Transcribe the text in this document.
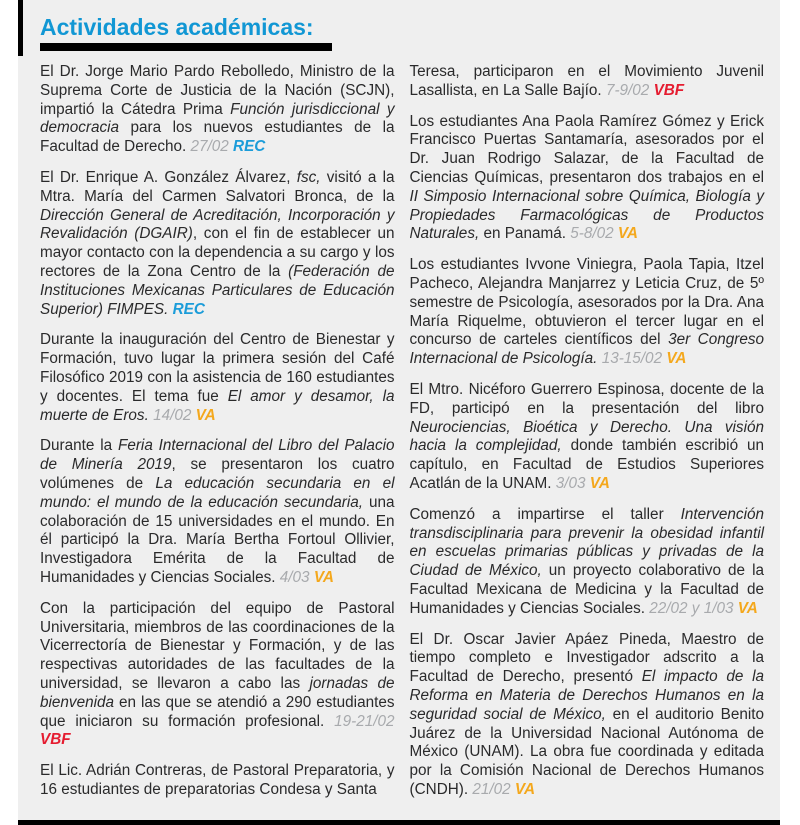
Actividades académicas:

El Dr. Jorge Mario Pardo Rebolledo, Ministro de la Suprema Corte de Justicia de la Nación (SCJN), impartió la Cátedra Prima Función jurisdiccional y democracia para los nuevos estudiantes de la Facultad de Derecho. 27/02 REC

El Dr. Enrique A. González Álvarez, fsc, visitó a la Mtra. María del Carmen Salvatori Bronca, de la Dirección General de Acreditación, Incorporación y Revalidación (DGAIR), con el fin de establecer un mayor contacto con la dependencia a su cargo y los rectores de la Zona Centro de la (Federación de Instituciones Mexicanas Particulares de Educación Superior) FIMPES. REC

Durante la inauguración del Centro de Bienestar y Formación, tuvo lugar la primera sesión del Café Filosófico 2019 con la asistencia de 160 estudiantes y docentes. El tema fue El amor y desamor, la muerte de Eros. 14/02 VA

Durante la Feria Internacional del Libro del Palacio de Minería 2019, se presentaron los cuatro volúmenes de La educación secundaria en el mundo: el mundo de la educación secundaria, una colaboración de 15 universidades en el mundo. En él participó la Dra. María Bertha Fortoul Ollivier, Investigadora Emérita de la Facultad de Humanidades y Ciencias Sociales. 4/03 VA

Con la participación del equipo de Pastoral Universitaria, miembros de las coordinaciones de la Vicerrectoría de Bienestar y Formación, y de las respectivas autoridades de las facultades de la universidad, se llevaron a cabo las jornadas de bienvenida en las que se atendió a 290 estudiantes que iniciaron su formación profesional. 19-21/02 VBF

El Lic. Adrián Contreras, de Pastoral Preparatoria, y 16 estudiantes de preparatorias Condesa y Santa

Teresa, participaron en el Movimiento Juvenil Lasallista, en La Salle Bajío. 7-9/02 VBF

Los estudiantes Ana Paola Ramírez Gómez y Erick Francisco Puertas Santamaría, asesorados por el Dr. Juan Rodrigo Salazar, de la Facultad de Ciencias Químicas, presentaron dos trabajos en el II Simposio Internacional sobre Química, Biología y Propiedades Farmacológicas de Productos Naturales, en Panamá. 5-8/02 VA

Los estudiantes Ivvone Viniegra, Paola Tapia, Itzel Pacheco, Alejandra Manjarrez y Leticia Cruz, de 5º semestre de Psicología, asesorados por la Dra. Ana María Riquelme, obtuvieron el tercer lugar en el concurso de carteles científicos del 3er Congreso Internacional de Psicología. 13-15/02 VA

El Mtro. Nicéforo Guerrero Espinosa, docente de la FD, participó en la presentación del libro Neurociencias, Bioética y Derecho. Una visión hacia la complejidad, donde también escribió un capítulo, en Facultad de Estudios Superiores Acatlán de la UNAM. 3/03 VA

Comenzó a impartirse el taller Intervención transdisciplinaria para prevenir la obesidad infantil en escuelas primarias públicas y privadas de la Ciudad de México, un proyecto colaborativo de la Facultad Mexicana de Medicina y la Facultad de Humanidades y Ciencias Sociales. 22/02 y 1/03 VA

El Dr. Oscar Javier Apáez Pineda, Maestro de tiempo completo e Investigador adscrito a la Facultad de Derecho, presentó El impacto de la Reforma en Materia de Derechos Humanos en la seguridad social de México, en el auditorio Benito Juárez de la Universidad Nacional Autónoma de México (UNAM). La obra fue coordinada y editada por la Comisión Nacional de Derechos Humanos (CNDH). 21/02 VA
